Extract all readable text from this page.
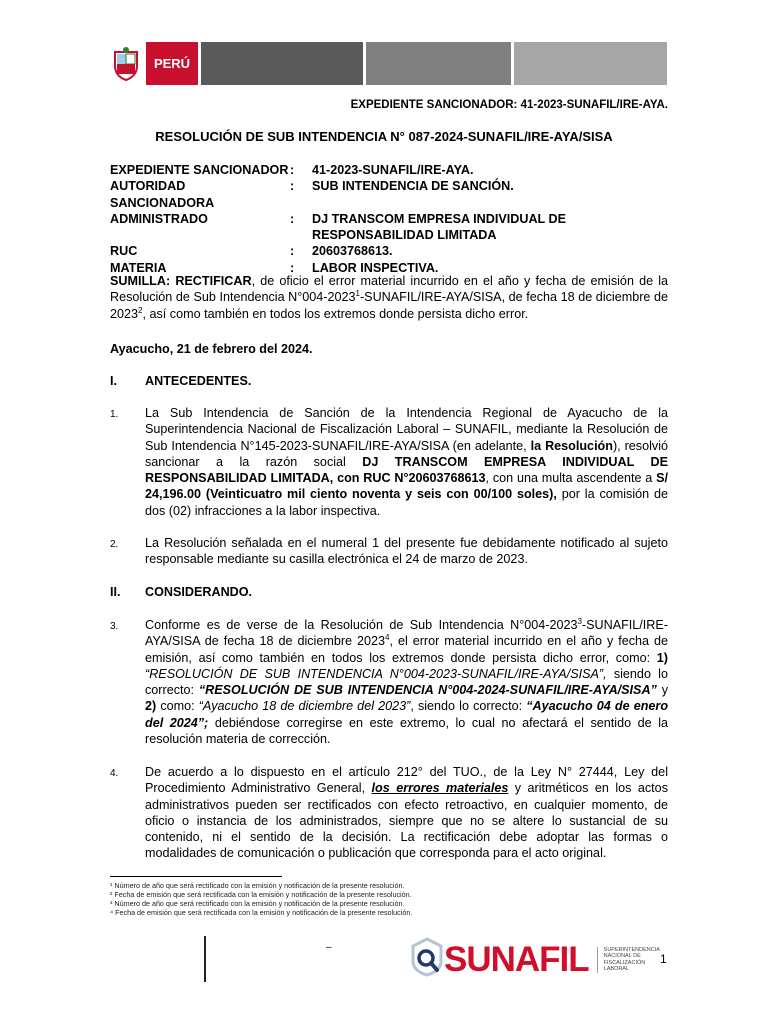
PERÚ
EXPEDIENTE SANCIONADOR: 41-2023-SUNAFIL/IRE-AYA.
RESOLUCIÓN DE SUB INTENDENCIA N° 087-2024-SUNAFIL/IRE-AYA/SISA
EXPEDIENTE SANCIONADOR :	41-2023-SUNAFIL/IRE-AYA.
AUTORIDAD SANCIONADORA
:	SUB INTENDENCIA DE SANCIÓN.
ADMINISTRADO	:	DJ TRANSCOM EMPRESA INDIVIDUAL DE RESPONSABILIDAD LIMITADA
RUC	:	20603768613.
MATERIA	:	LABOR INSPECTIVA.
SUMILLA: RECTIFICAR, de oficio el error material incurrido en el año y fecha de emisión de la Resolución de Sub Intendencia N°004-2023$^1$-SUNAFIL/IRE-AYA/SISA, de fecha 18 de diciembre de 2023$^2$, así como también en todos los extremos donde persista dicho error.
Ayacucho, 21 de febrero del 2024.
I. ANTECEDENTES.
1. La Sub Intendencia de Sanción de la Intendencia Regional de Ayacucho de la Superintendencia Nacional de Fiscalización Laboral – SUNAFIL, mediante la Resolución de Sub Intendencia N°145-2023-SUNAFIL/IRE-AYA/SISA (en adelante, la Resolución), resolvió sancionar a la razón social DJ TRANSCOM EMPRESA INDIVIDUAL DE RESPONSABILIDAD LIMITADA, con RUC N°20603768613, con una multa ascendente a S/ 24,196.00 (Veinticuatro mil ciento noventa y seis con 00/100 soles), por la comisión de dos (02) infracciones a la labor inspectiva.
2. La Resolución señalada en el numeral 1 del presente fue debidamente notificado al sujeto responsable mediante su casilla electrónica el 24 de marzo de 2023.
II. CONSIDERANDO.
3. Conforme es de verse de la Resolución de Sub Intendencia N°004-2023$^3$-SUNAFIL/IRE-AYA/SISA de fecha 18 de diciembre 2023$^4$, el error material incurrido en el año y fecha de emisión, así como también en todos los extremos donde persista dicho error, como: 1) “RESOLUCIÓN DE SUB INTENDENCIA N°004-2023-SUNAFIL/IRE-AYA/SISA”, siendo lo correcto: “RESOLUCIÓN DE SUB INTENDENCIA N°004-2024-SUNAFIL/IRE-AYA/SISA” y 2) como: “Ayacucho 18 de diciembre del 2023”, siendo lo correcto: “Ayacucho 04 de enero del 2024”; debiéndose corregirse en este extremo, lo cual no afectará el sentido de la resolución materia de corrección.
4. De acuerdo a lo dispuesto en el artículo 212° del TUO., de la Ley N° 27444, Ley del Procedimiento Administrativo General, los errores materiales y aritméticos en los actos administrativos pueden ser rectificados con efecto retroactivo, en cualquier momento, de oficio o instancia de los administrados, siempre que no se altere lo sustancial de su contenido, ni el sentido de la decisión. La rectificación debe adoptar las formas o modalidades de comunicación o publicación que corresponda para el acto original.
¹ Número de año que será rectificado con la emisión y notificación de la presente resolución.
² Fecha de emisión que será rectificada con la emisión y notificación de la presente resolución.
³ Número de año que será rectificado con la emisión y notificación de la presente resolución.
⁴ Fecha de emisión que será rectificada con la emisión y notificación de la presente resolución.
–	SUNAFIL	SUPERINTENDENCIA NACIONAL DE FISCALIZACIÓN LABORAL
1
